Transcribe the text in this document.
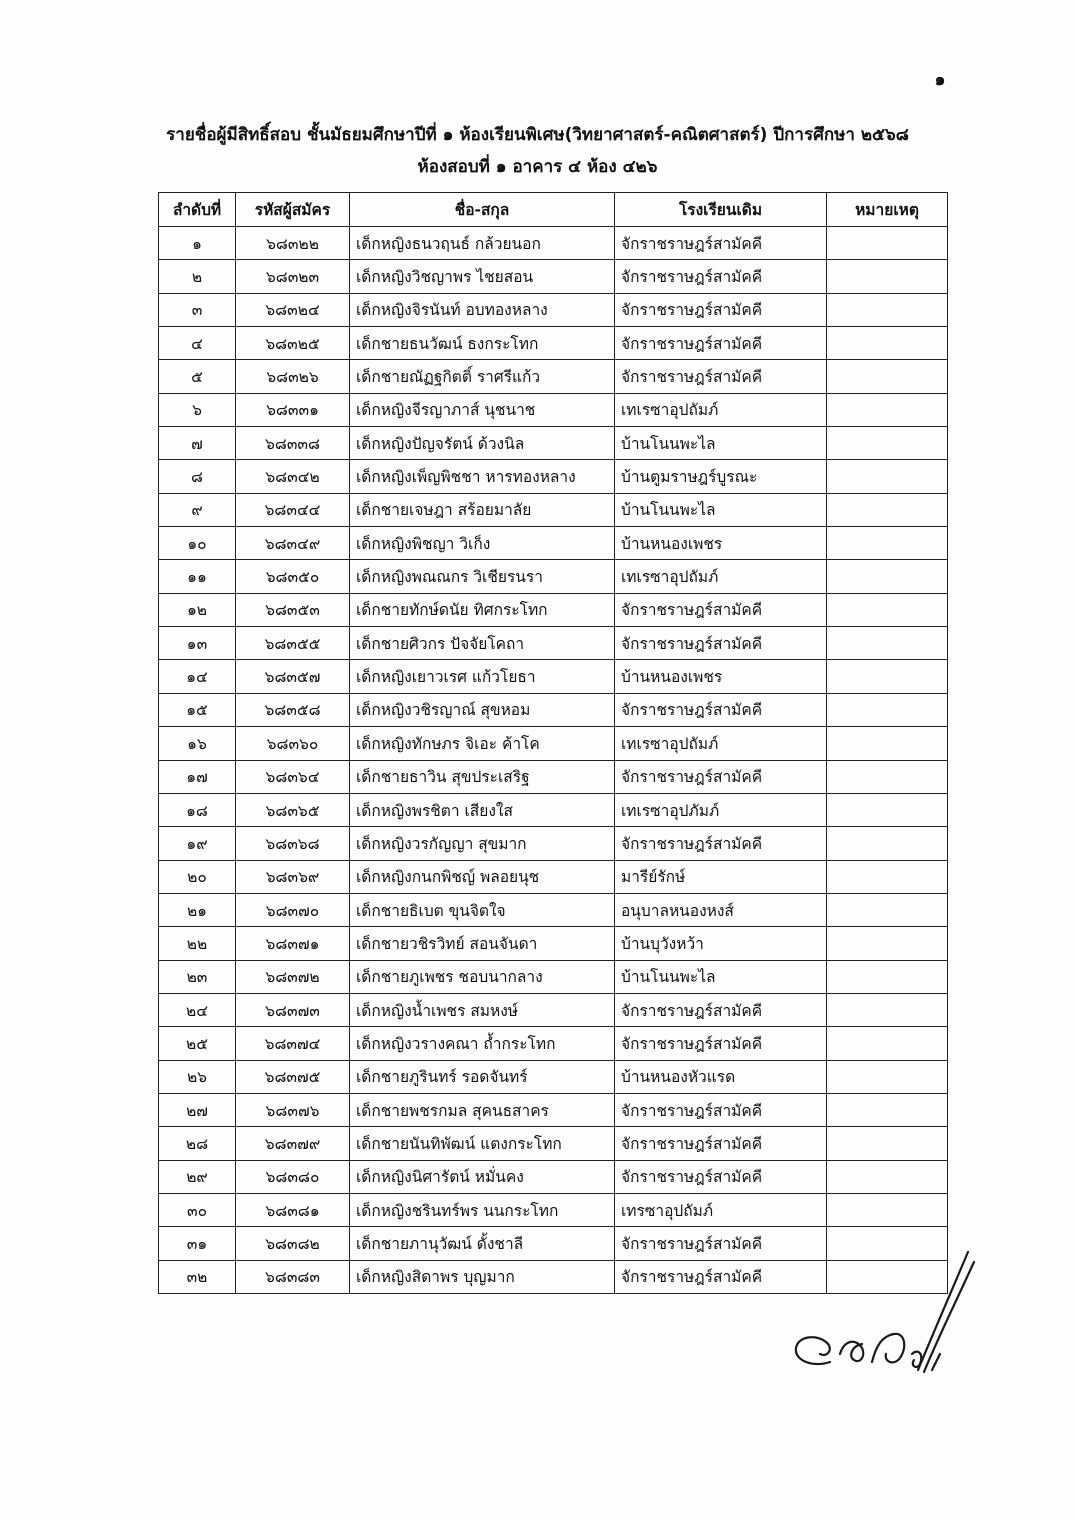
๑
รายชื่อผู้มีสิทธิ์สอบ ชั้นมัธยมศึกษาปีที่ ๑ ห้องเรียนพิเศษ(วิทยาศาสตร์-คณิตศาสตร์) ปีการศึกษา ๒๕๖๘
ห้องสอบที่ ๑ อาคาร ๔ ห้อง ๔๒๖
ลำดับที่	รหัสผู้สมัคร	ชื่อ-สกุล	โรงเรียนเดิม	หมายเหตุ
๑	๖๘๓๒๒	เด็กหญิงธนวฤนธ์ กล้วยนอก	จักราชราษฎร์สามัคคี	
๒	๖๘๓๒๓	เด็กหญิงวิชญาพร ไชยสอน	จักราชราษฎร์สามัคคี	
๓	๖๘๓๒๔	เด็กหญิงจิรนันท์ อบทองหลาง	จักราชราษฎร์สามัคคี	
๔	๖๘๓๒๕	เด็กชายธนวัฒน์ ธงกระโทก	จักราชราษฎร์สามัคคี	
๕	๖๘๓๒๖	เด็กชายณัฏฐกิตติ์ ราศรีแก้ว	จักราชราษฎร์สามัคคี	
๖	๖๘๓๓๑	เด็กหญิงจีรญาภาส์ นุชนาช	เทเรซาอุปถัมภ์	
๗	๖๘๓๓๘	เด็กหญิงปัญจรัตน์ ด้วงนิล	บ้านโนนพะไล	
๘	๖๘๓๔๒	เด็กหญิงเพ็ญพิชชา หารทองหลาง	บ้านตูมราษฎร์บูรณะ	
๙	๖๘๓๔๔	เด็กชายเจษฎา สร้อยมาลัย	บ้านโนนพะไล	
๑๐	๖๘๓๔๙	เด็กหญิงพิชญา วิเก็ง	บ้านหนองเพชร	
๑๑	๖๘๓๕๐	เด็กหญิงพณณกร วิเชียรนรา	เทเรซาอุปถัมภ์	
๑๒	๖๘๓๕๓	เด็กชายทักษ์ดนัย ทิศกระโทก	จักราชราษฎร์สามัคคี	
๑๓	๖๘๓๕๕	เด็กชายศิวกร ปัจจัยโคถา	จักราชราษฎร์สามัคคี	
๑๔	๖๘๓๕๗	เด็กหญิงเยาวเรศ แก้วโยธา	บ้านหนองเพชร	
๑๕	๖๘๓๕๘	เด็กหญิงวชิรญาณ์ สุขหอม	จักราชราษฎร์สามัคคี	
๑๖	๖๘๓๖๐	เด็กหญิงทักษภร จิเอะ ค้าโค	เทเรซาอุปถัมภ์	
๑๗	๖๘๓๖๔	เด็กชายธาวิน สุขประเสริฐ	จักราชราษฎร์สามัคคี	
๑๘	๖๘๓๖๕	เด็กหญิงพรชิตา เสียงใส	เทเรซาอุปภัมภ์	
๑๙	๖๘๓๖๘	เด็กหญิงวรกัญญา สุขมาก	จักราชราษฎร์สามัคคี	
๒๐	๖๘๓๖๙	เด็กหญิงกนกพิชญ์ พลอยนุช	มารีย์รักษ์	
๒๑	๖๘๓๗๐	เด็กชายธิเบต ขุนจิตใจ	อนุบาลหนองหงส์	
๒๒	๖๘๓๗๑	เด็กชายวชิรวิทย์ สอนจันดา	บ้านบุวังหว้า	
๒๓	๖๘๓๗๒	เด็กชายภูเพชร ชอบนากลาง	บ้านโนนพะไล	
๒๔	๖๘๓๗๓	เด็กหญิงน้ำเพชร สมหงษ์	จักราชราษฎร์สามัคคี	
๒๕	๖๘๓๗๔	เด็กหญิงวรางคณา ถ้ำกระโทก	จักราชราษฎร์สามัคคี	
๒๖	๖๘๓๗๕	เด็กชายภูรินทร์ รอดจันทร์	บ้านหนองหัวแรด	
๒๗	๖๘๓๗๖	เด็กชายพชรกมล สุคนธสาคร	จักราชราษฎร์สามัคคี	
๒๘	๖๘๓๗๙	เด็กชายนันทิพัฒน์ แตงกระโทก	จักราชราษฎร์สามัคคี	
๒๙	๖๘๓๘๐	เด็กหญิงนิศารัตน์ หมั่นคง	จักราชราษฎร์สามัคคี	
๓๐	๖๘๓๘๑	เด็กหญิงชรินทร์พร นนกระโทก	เทรซาอุปถัมภ์	
๓๑	๖๘๓๘๒	เด็กชายภานุวัฒน์ ดั้งชาลี	จักราชราษฎร์สามัคคี	
๓๒	๖๘๓๘๓	เด็กหญิงสิดาพร บุญมาก	จักราชราษฎร์สามัคคี	
